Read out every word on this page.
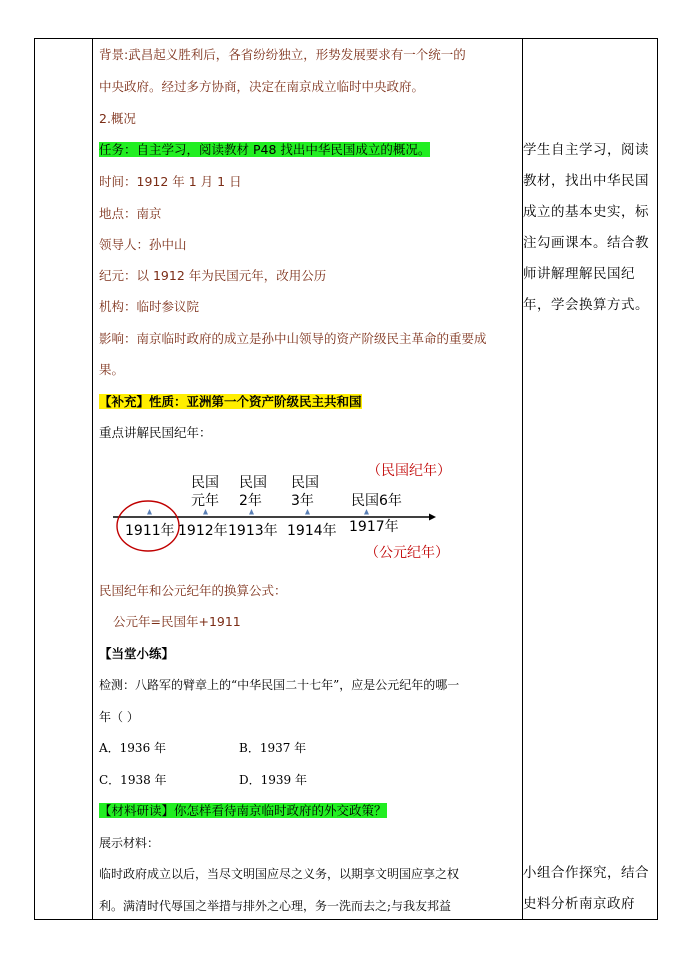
背景:武昌起义胜利后，各省纷纷独立，形势发展要求有一个统一的
中央政府。经过多方协商，决定在南京成立临时中央政府。
2.概况
任务：自主学习，阅读教材 P48 找出中华民国成立的概况。
时间：1912 年 1 月 1 日
地点：南京
领导人：孙中山
纪元：以 1912 年为民国元年，改用公历
机构：临时参议院
影响：南京临时政府的成立是孙中山领导的资产阶级民主革命的重要成
果。
【补充】性质：亚洲第一个资产阶级民主共和国
重点讲解民国纪年：
（民国纪年）
民国
元年
民国
2年
民国
3年	民国6年
1911年 1912年 1913年 1914年 1917年
（公元纪年）
民国纪年和公元纪年的换算公式：
公元年=民国年+1911
【当堂小练】
检测：八路军的臂章上的“中华民国二十七年”，应是公元纪年的哪一
年（ ）
A．1936 年	B．1937 年
C．1938 年	D．1939 年
【材料研读】你怎样看待南京临时政府的外交政策？
展示材料：
临时政府成立以后，当尽文明国应尽之义务，以期享文明国应享之权
利。满清时代辱国之举措与排外之心理，务一洗而去之;与我友邦益
学生自主学习，阅读
教材，找出中华民国
成立的基本史实，标
注勾画课本。结合教
师讲解理解民国纪
年，学会换算方式。
小组合作探究，结合
史料分析南京政府
